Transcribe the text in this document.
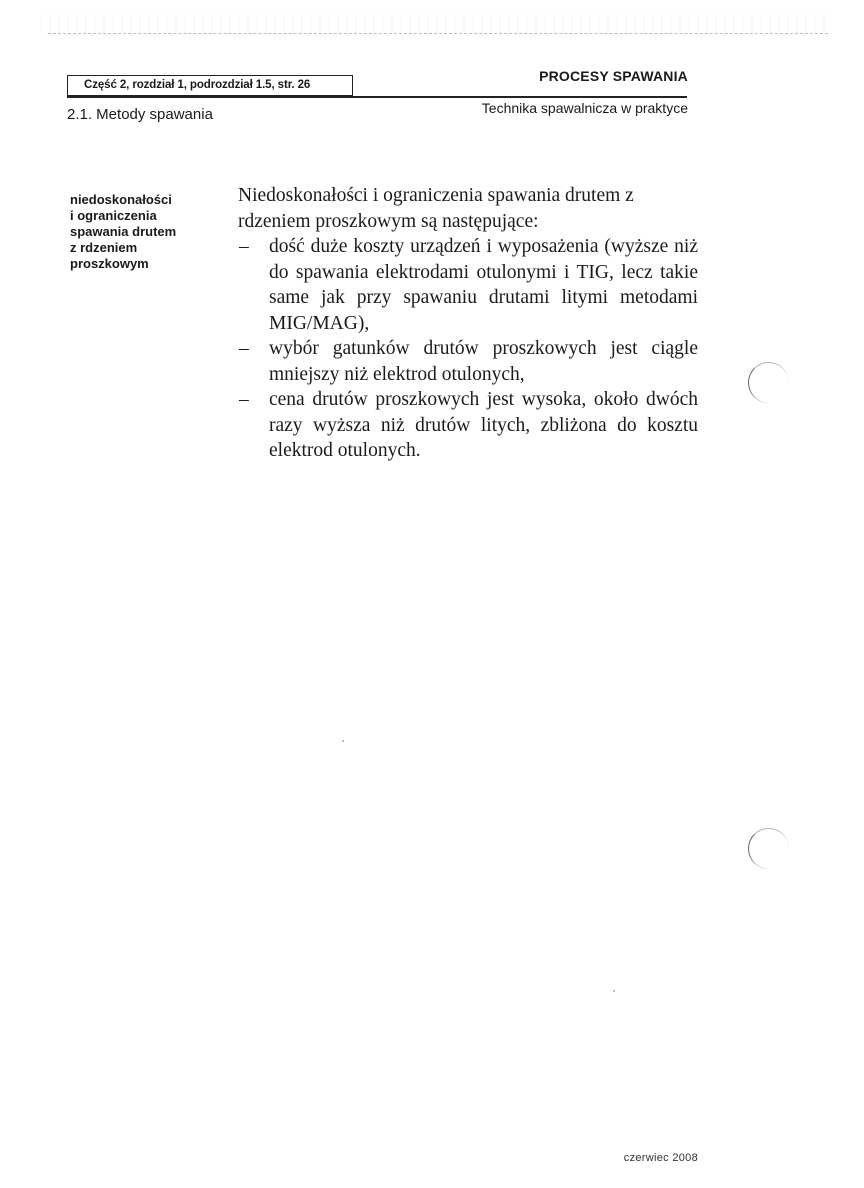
Część 2, rozdział 1, podrozdział 1.5, str. 26
PROCESY SPAWANIA
2.1. Metody spawania	Technika spawalnicza w praktyce
niedoskonałości
i ograniczenia
spawania drutem
z rdzeniem
proszkowym
Niedoskonałości i ograniczenia spawania drutem z
rdzeniem proszkowym są następujące:
– dość duże koszty urządzeń i wyposażenia (wyższe niż do spawania elektrodami otulonymi i TIG, lecz takie same jak przy spawaniu drutami litymi metodami MIG/MAG),
– wybór gatunków drutów proszkowych jest ciągle mniejszy niż elektrod otulonych,
– cena drutów proszkowych jest wysoka, około dwóch razy wyższa niż drutów litych, zbliżona do kosztu elektrod otulonych.
czerwiec 2008
